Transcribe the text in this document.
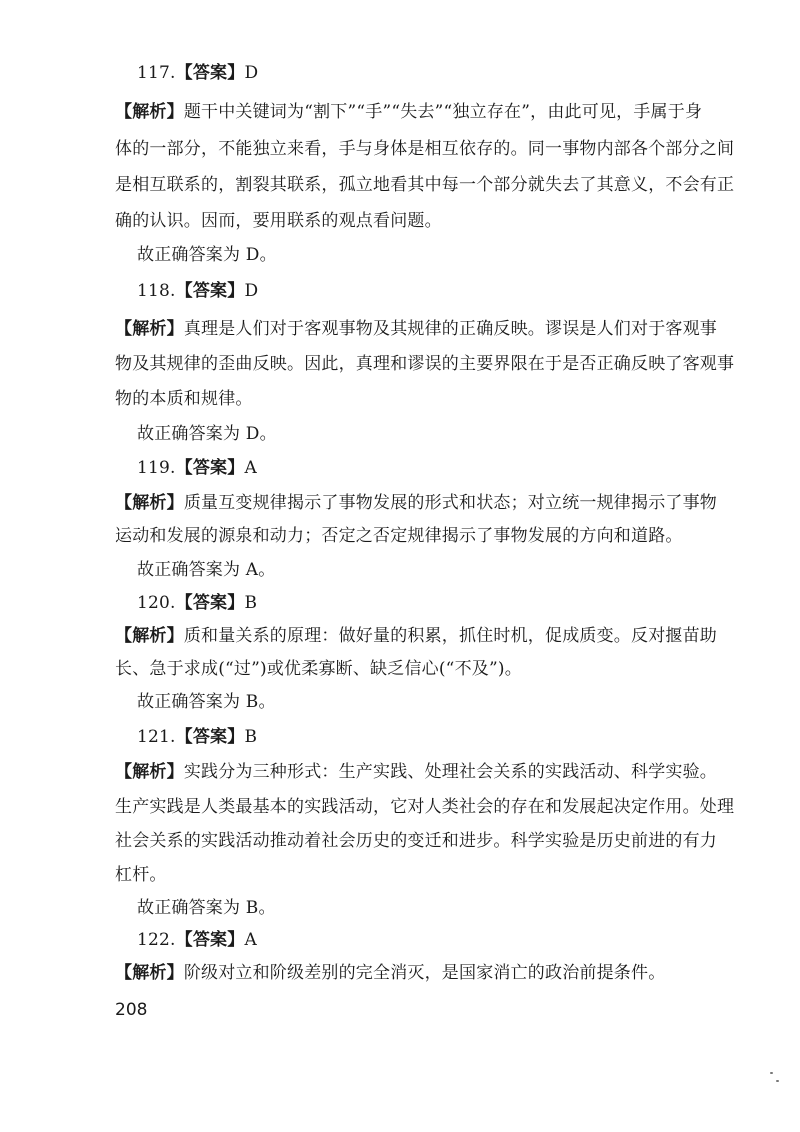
117.【答案】D
【解析】题干中关键词为“割下”“手”“失去”“独立存在”，由此可见，手属于身
体的一部分，不能独立来看，手与身体是相互依存的。同一事物内部各个部分之间
是相互联系的，割裂其联系，孤立地看其中每一个部分就失去了其意义，不会有正
确的认识。因而，要用联系的观点看问题。
故正确答案为 D。
118.【答案】D
【解析】真理是人们对于客观事物及其规律的正确反映。谬误是人们对于客观事
物及其规律的歪曲反映。因此，真理和谬误的主要界限在于是否正确反映了客观事
物的本质和规律。
故正确答案为 D。
119.【答案】A
【解析】质量互变规律揭示了事物发展的形式和状态；对立统一规律揭示了事物
运动和发展的源泉和动力；否定之否定规律揭示了事物发展的方向和道路。
故正确答案为 A。
120.【答案】B
【解析】质和量关系的原理：做好量的积累，抓住时机，促成质变。反对揠苗助
长、急于求成(“过”)或优柔寡断、缺乏信心(“不及”)。
故正确答案为 B。
121.【答案】B
【解析】实践分为三种形式：生产实践、处理社会关系的实践活动、科学实验。
生产实践是人类最基本的实践活动，它对人类社会的存在和发展起决定作用。处理
社会关系的实践活动推动着社会历史的变迁和进步。科学实验是历史前进的有力
杠杆。
故正确答案为 B。
122.【答案】A
【解析】阶级对立和阶级差别的完全消灭，是国家消亡的政治前提条件。
208
